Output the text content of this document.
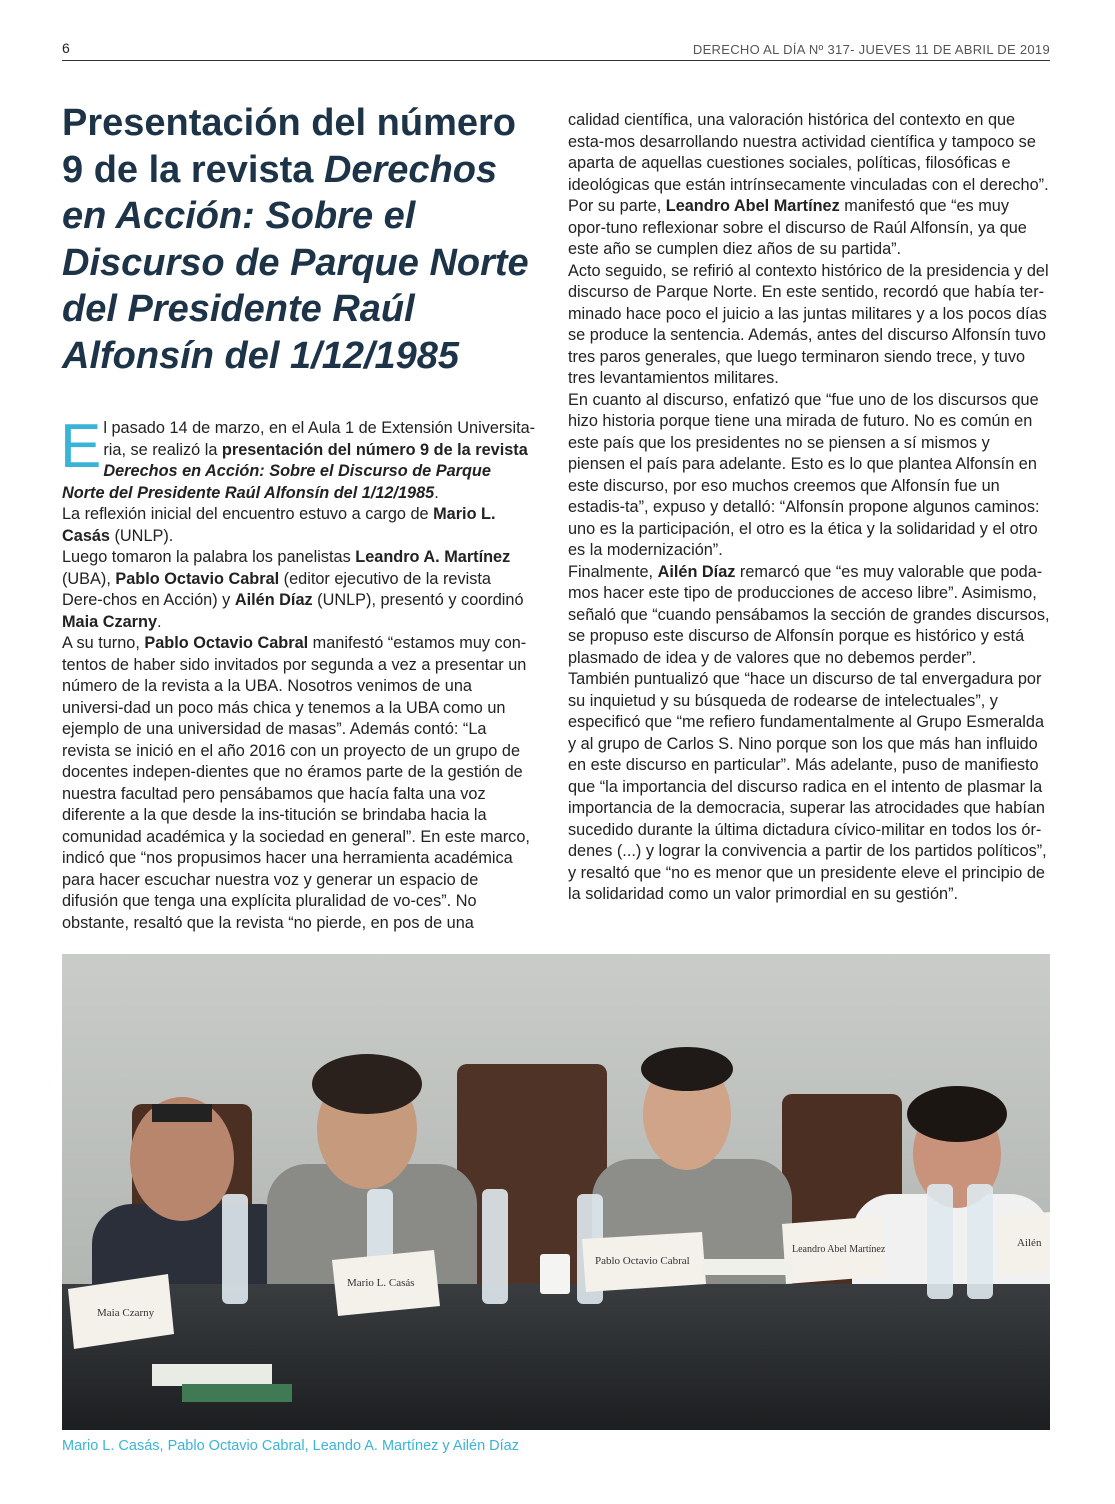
6	DERECHO AL DÍA Nº 317- JUEVES 11 DE ABRIL DE 2019
Presentación del número 9 de la revista Derechos en Acción: Sobre el Discurso de Parque Norte del Presidente Raúl Alfonsín del 1/12/1985

El pasado 14 de marzo, en el Aula 1 de Extensión Universita-ria, se realizó la presentación del número 9 de la revista Derechos en Acción: Sobre el Discurso de Parque Norte del Presidente Raúl Alfonsín del 1/12/1985.

La reflexión inicial del encuentro estuvo a cargo de Mario L. Casás (UNLP).

Luego tomaron la palabra los panelistas Leandro A. Martínez (UBA), Pablo Octavio Cabral (editor ejecutivo de la revista Dere-chos en Acción) y Ailén Díaz (UNLP), presentó y coordinó Maia Czarny.

A su turno, Pablo Octavio Cabral manifestó “estamos muy con-tentos de haber sido invitados por segunda a vez a presentar un número de la revista a la UBA. Nosotros venimos de una universi-dad un poco más chica y tenemos a la UBA como un ejemplo de una universidad de masas”. Además contó: “La revista se inició en el año 2016 con un proyecto de un grupo de docentes indepen-dientes que no éramos parte de la gestión de nuestra facultad pero pensábamos que hacía falta una voz diferente a la que desde la ins-titución se brindaba hacia la comunidad académica y la sociedad en general”. En este marco, indicó que “nos propusimos hacer una herramienta académica para hacer escuchar nuestra voz y generar un espacio de difusión que tenga una explícita pluralidad de vo-ces”. No obstante, resaltó que la revista “no pierde, en pos de una

calidad científica, una valoración histórica del contexto en que esta-mos desarrollando nuestra actividad científica y tampoco se aparta de aquellas cuestiones sociales, políticas, filosóficas e ideológicas que están intrínsecamente vinculadas con el derecho”.

Por su parte, Leandro Abel Martínez manifestó que “es muy opor-tuno reflexionar sobre el discurso de Raúl Alfonsín, ya que este año se cumplen diez años de su partida”.

Acto seguido, se refirió al contexto histórico de la presidencia y del discurso de Parque Norte. En este sentido, recordó que había ter-minado hace poco el juicio a las juntas militares y a los pocos días se produce la sentencia. Además, antes del discurso Alfonsín tuvo tres paros generales, que luego terminaron siendo trece, y tuvo tres levantamientos militares.

En cuanto al discurso, enfatizó que “fue uno de los discursos que hizo historia porque tiene una mirada de futuro. No es común en este país que los presidentes no se piensen a sí mismos y piensen el país para adelante. Esto es lo que plantea Alfonsín en este discurso, por eso muchos creemos que Alfonsín fue un estadis-ta”, expuso y detalló: “Alfonsín propone algunos caminos: uno es la participación, el otro es la ética y la solidaridad y el otro es la modernización”.

Finalmente, Ailén Díaz remarcó que “es muy valorable que poda-mos hacer este tipo de producciones de acceso libre”. Asimismo, señaló que “cuando pensábamos la sección de grandes discursos, se propuso este discurso de Alfonsín porque es histórico y está plasmado de idea y de valores que no debemos perder”.

También puntualizó que “hace un discurso de tal envergadura por su inquietud y su búsqueda de rodearse de intelectuales”, y especificó que “me refiero fundamentalmente al Grupo Esmeralda y al grupo de Carlos S. Nino porque son los que más han influido en este discurso en particular”. Más adelante, puso de manifiesto que “la importancia del discurso radica en el intento de plasmar la importancia de la democracia, superar las atrocidades que habían sucedido durante la última dictadura cívico-militar en todos los ór-denes (...) y lograr la convivencia a partir de los partidos políticos”, y resaltó que “no es menor que un presidente eleve el principio de la solidaridad como un valor primordial en su gestión”.

Maia Czarny
Mario L. Casás
Pablo Octavio Cabral
Leandro Abel Martínez
Ailén
Mario L. Casás, Pablo Octavio Cabral, Leando A. Martínez y Ailén Díaz
